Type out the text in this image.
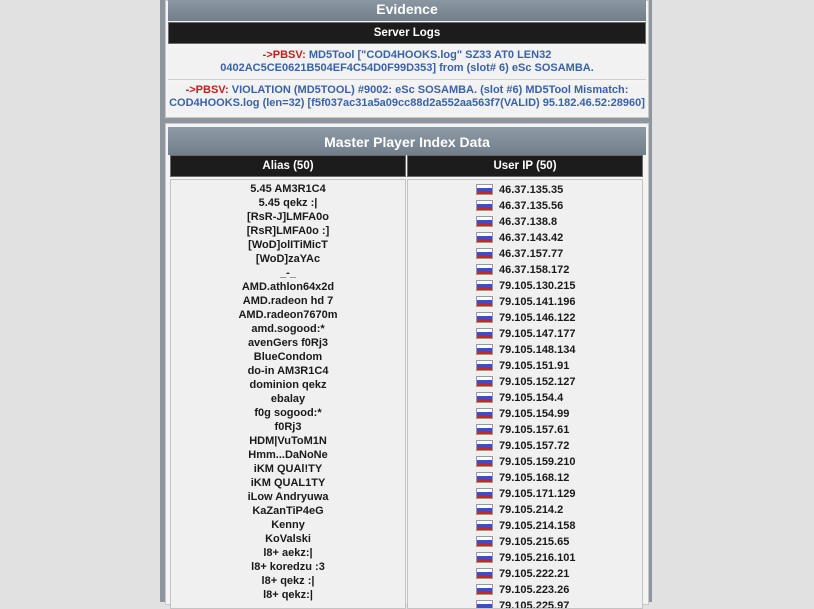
Evidence
Server Logs
->PBSV: MD5Tool ["COD4HOOKS.log" SZ33 AT0 LEN32 0402AC5CE0621B504EF4C54D0F99D353] from (slot# 6) eSc SOSAMBA.
->PBSV: VIOLATION (MD5TOOL) #9002: eSc SOSAMBA. (slot #6) MD5Tool Mismatch: COD4HOOKS.log (len=32) [f5f037ac31a5a09cc88d2a552aa563f7(VALID) 95.182.46.52:28960]
Master Player Index Data
Alias (50)	User IP (50)
5.45 AM3R1C4
5.45 qekz :|
[RsR-J]LMFA0o
[RsR]LMFA0o :]
[WoD]olITiMicT
[WoD]zaYAc
_-_
AMD.athlon64x2d
AMD.radeon hd 7
AMD.radeon7670m
amd.sogood:*
avenGers f0Rj3
BlueCondom
do-in AM3R1C4
dominion qekz
ebalay
f0g sogood:*
f0Rj3
HDM|VuToM1N
Hmm...DaNoNe
iKM QUAl!TY
iKM QUAL1TY
iLow Andryuwa
KaZanTiP4eG
Kenny
KoValski
l8+ aekz:|
l8+ koredzu :3
l8+ qekz :|
l8+ qekz:|
46.37.135.35
46.37.135.56
46.37.138.8
46.37.143.42
46.37.157.77
46.37.158.172
79.105.130.215
79.105.141.196
79.105.146.122
79.105.147.177
79.105.148.134
79.105.151.91
79.105.152.127
79.105.154.4
79.105.154.99
79.105.157.61
79.105.157.72
79.105.159.210
79.105.168.12
79.105.171.129
79.105.214.2
79.105.214.158
79.105.215.65
79.105.216.101
79.105.222.21
79.105.223.26
79.105.225.97
